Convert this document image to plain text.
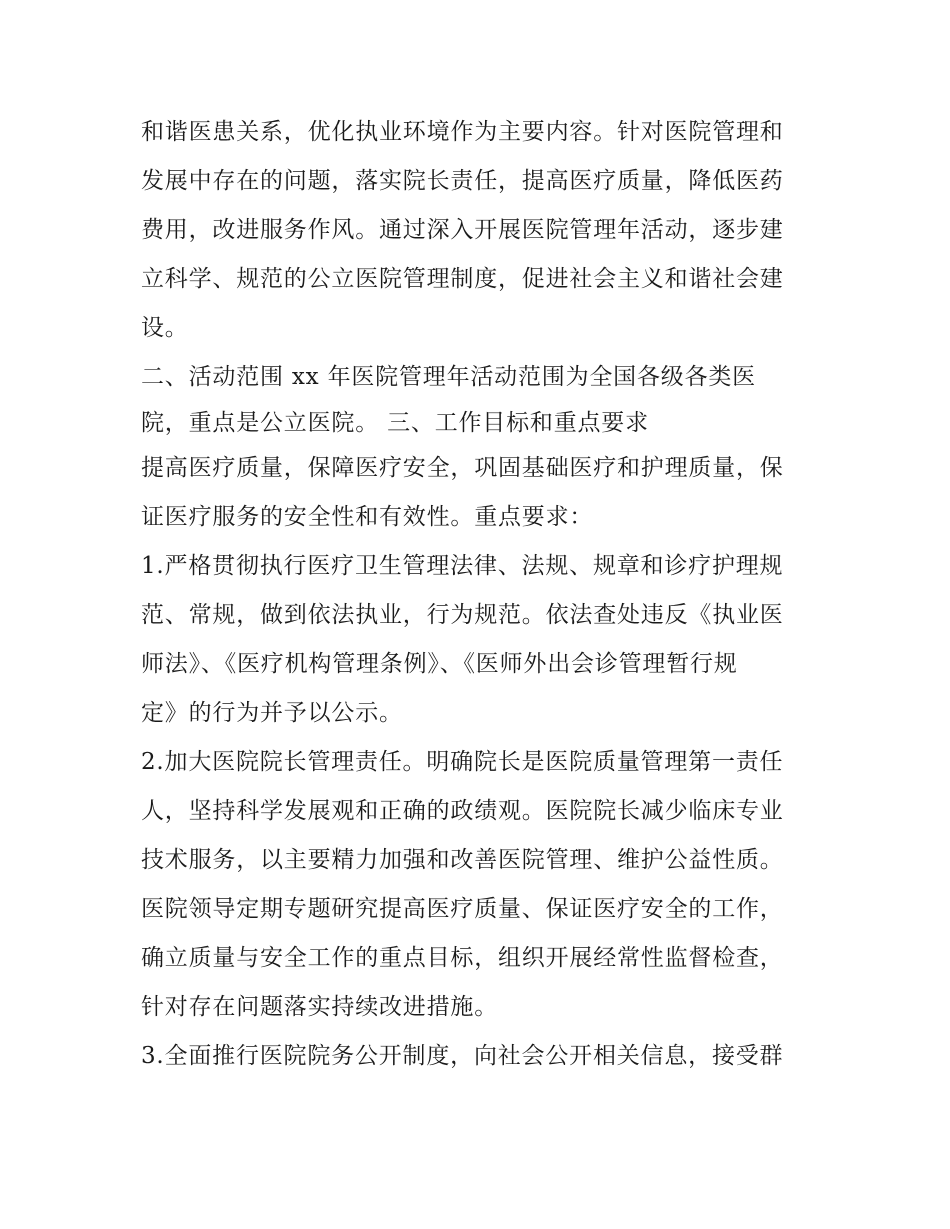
和谐医患关系，优化执业环境作为主要内容。针对医院管理和
发展中存在的问题，落实院长责任，提高医疗质量，降低医药
费用，改进服务作风。通过深入开展医院管理年活动，逐步建
立科学、规范的公立医院管理制度，促进社会主义和谐社会建
设。
二、活动范围 xx 年医院管理年活动范围为全国各级各类医
院，重点是公立医院。 三、工作目标和重点要求
提高医疗质量，保障医疗安全，巩固基础医疗和护理质量，保
证医疗服务的安全性和有效性。重点要求：
1.严格贯彻执行医疗卫生管理法律、法规、规章和诊疗护理规
范、常规，做到依法执业，行为规范。依法查处违反《执业医
师法》、《医疗机构管理条例》、《医师外出会诊管理暂行规
定》的行为并予以公示。
2.加大医院院长管理责任。明确院长是医院质量管理第一责任
人，坚持科学发展观和正确的政绩观。医院院长减少临床专业
技术服务，以主要精力加强和改善医院管理、维护公益性质。
医院领导定期专题研究提高医疗质量、保证医疗安全的工作，
确立质量与安全工作的重点目标，组织开展经常性监督检查，
针对存在问题落实持续改进措施。
3.全面推行医院院务公开制度，向社会公开相关信息，接受群
